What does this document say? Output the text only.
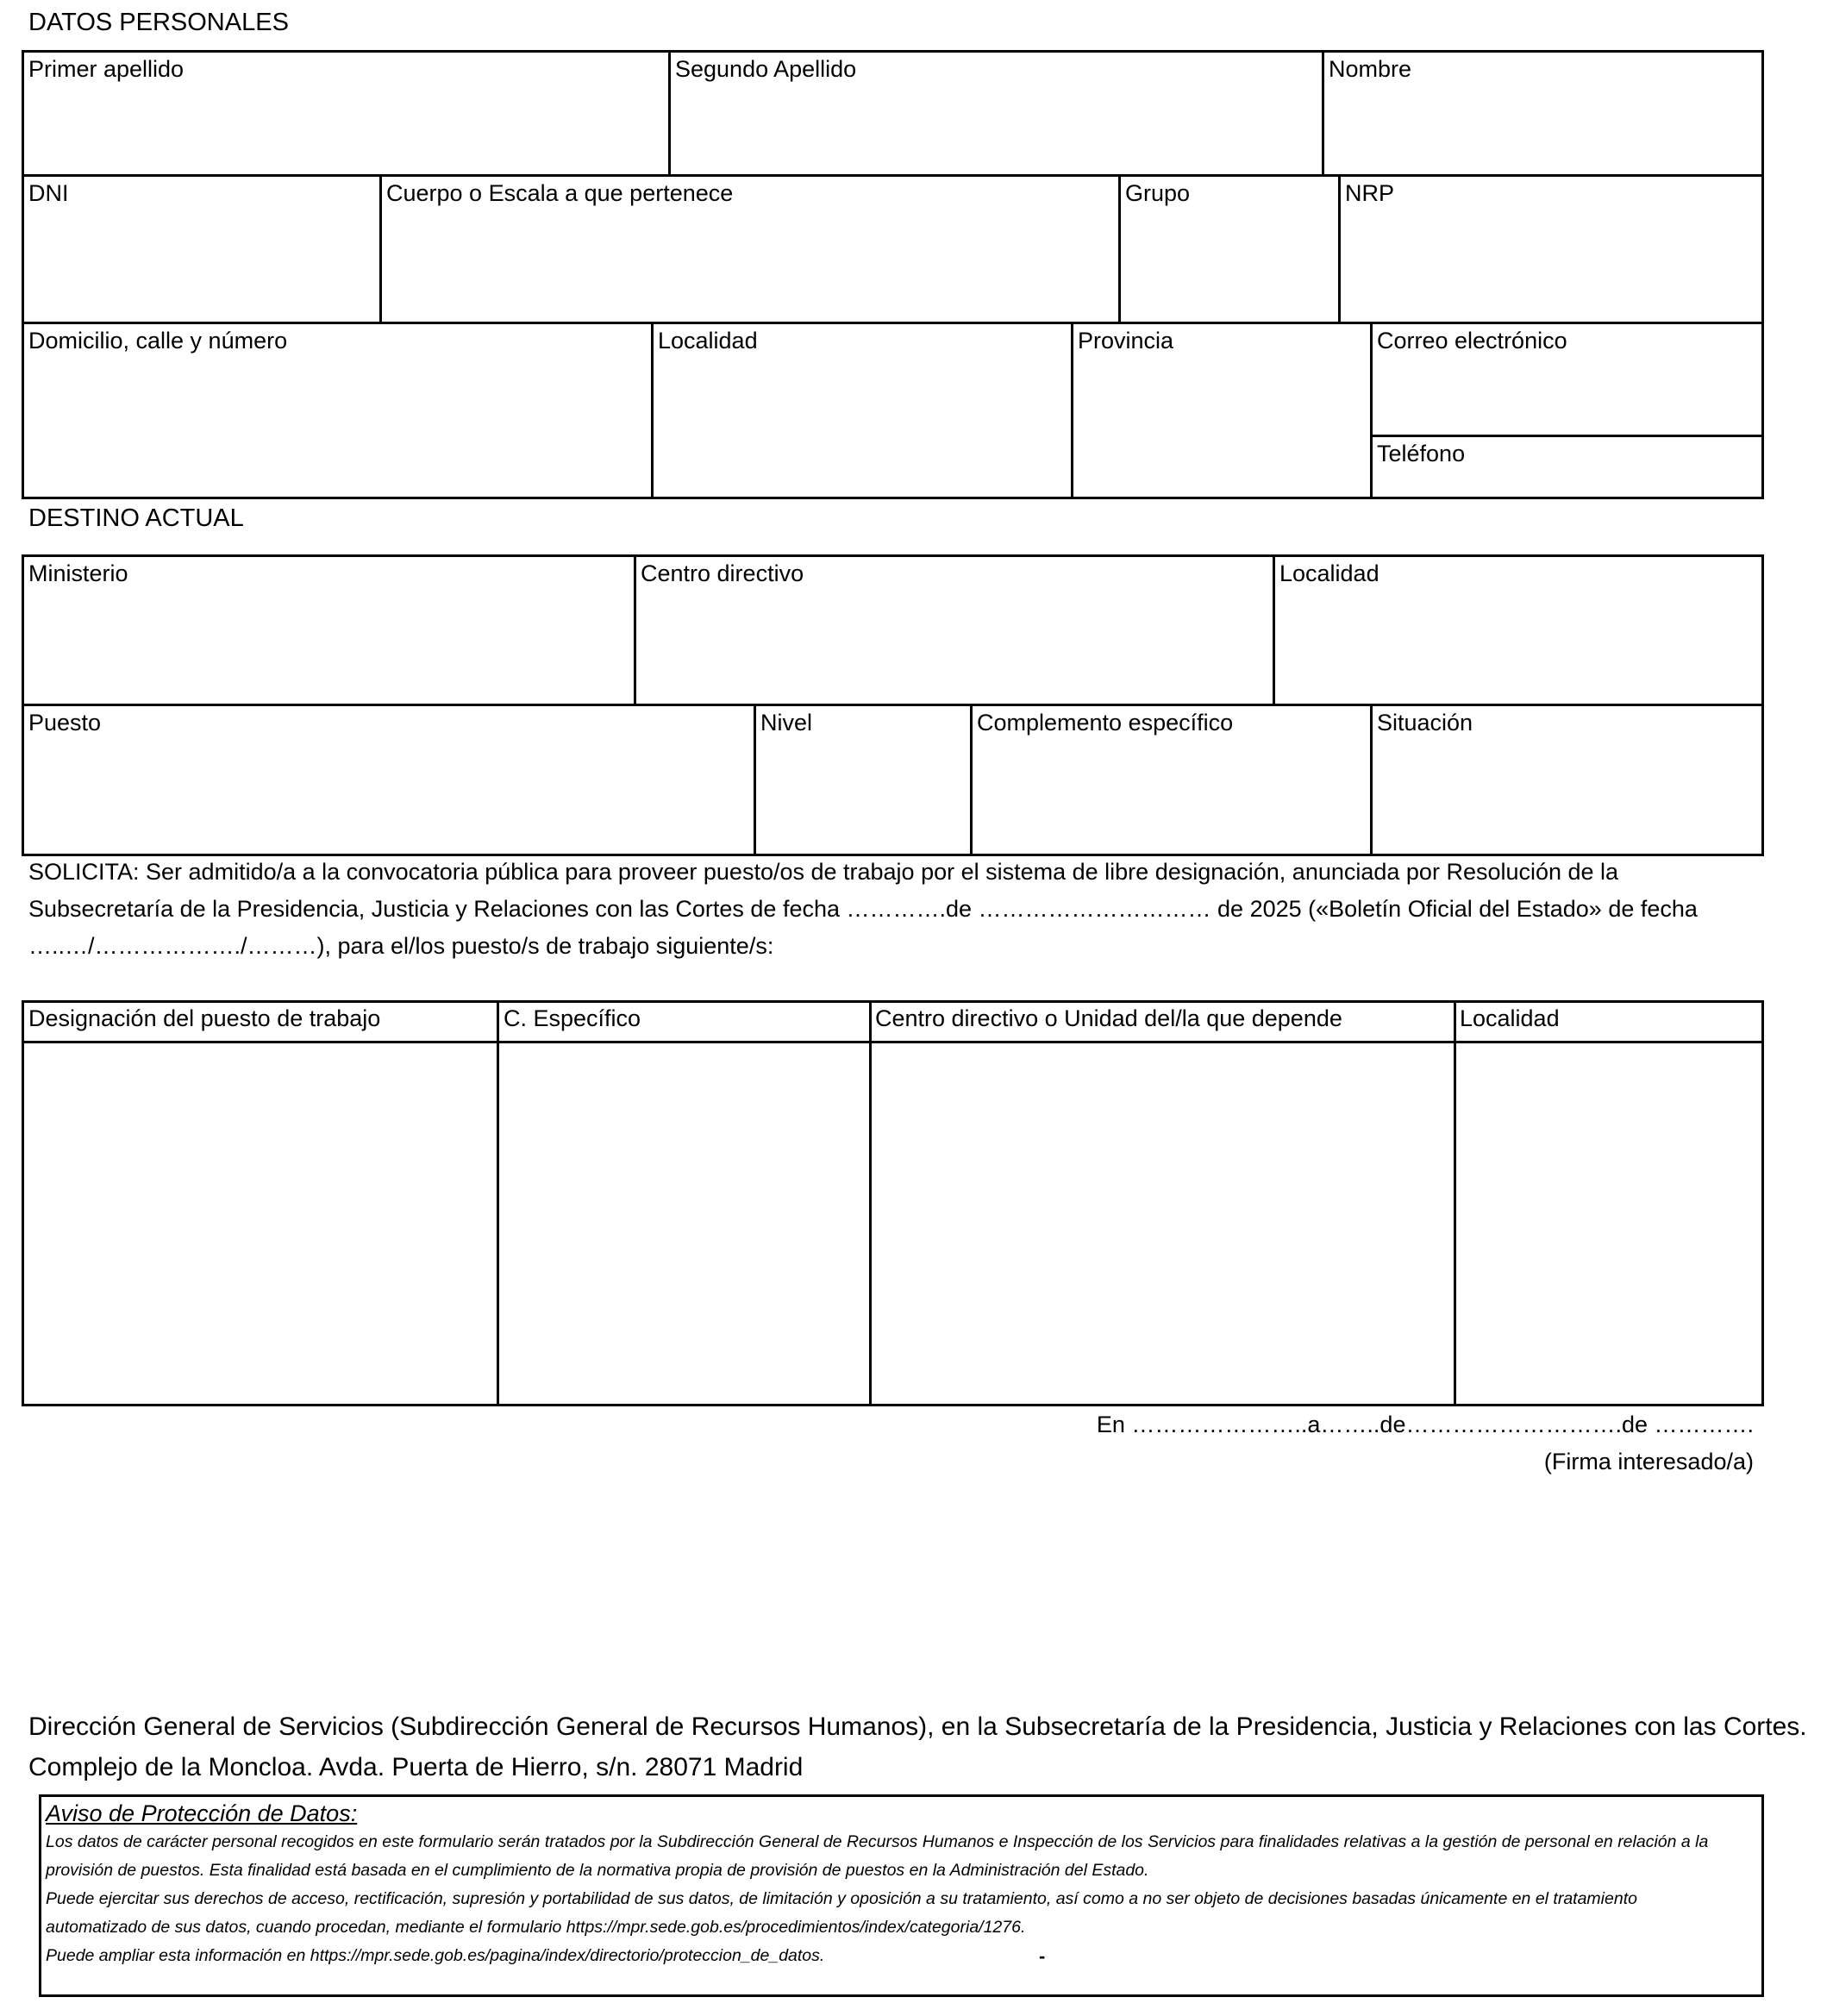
DATOS PERSONALES
Primer apellido	Segundo Apellido	Nombre
DNI	Cuerpo o Escala a que pertenece	Grupo	NRP
Domicilio, calle y número	Localidad	Provincia	Correo electrónico
Teléfono
DESTINO ACTUAL
Ministerio	Centro directivo	Localidad
Puesto	Nivel	Complemento específico	Situación
SOLICITA: Ser admitido/a a la convocatoria pública para proveer puesto/os de trabajo por el sistema de libre designación, anunciada por Resolución de la
Subsecretaría de la Presidencia, Justicia y Relaciones con las Cortes de fecha ………….de ………………………… de 2025 («Boletín Oficial del Estado» de fecha
…..…/………………./………), para el/los puesto/s de trabajo siguiente/s:
Designación del puesto de trabajo	C. Específico	Centro directivo o Unidad del/la que depende	Localidad
En …………………..a……..de……………………….de ………….
(Firma interesado/a)
Dirección General de Servicios (Subdirección General de Recursos Humanos), en la Subsecretaría de la Presidencia, Justicia y Relaciones con las Cortes.
Complejo de la Moncloa. Avda. Puerta de Hierro, s/n. 28071 Madrid
Aviso de Protección de Datos:
Los datos de carácter personal recogidos en este formulario serán tratados por la Subdirección General de Recursos Humanos e Inspección de los Servicios para finalidades relativas a la gestión de personal en relación a la
provisión de puestos. Esta finalidad está basada en el cumplimiento de la normativa propia de provisión de puestos en la Administración del Estado.
Puede ejercitar sus derechos de acceso, rectificación, supresión y portabilidad de sus datos, de limitación y oposición a su tratamiento, así como a no ser objeto de decisiones basadas únicamente en el tratamiento
automatizado de sus datos, cuando procedan, mediante el formulario https://mpr.sede.gob.es/procedimientos/index/categoria/1276.
Puede ampliar esta información en https://mpr.sede.gob.es/pagina/index/directorio/proteccion_de_datos.	-
